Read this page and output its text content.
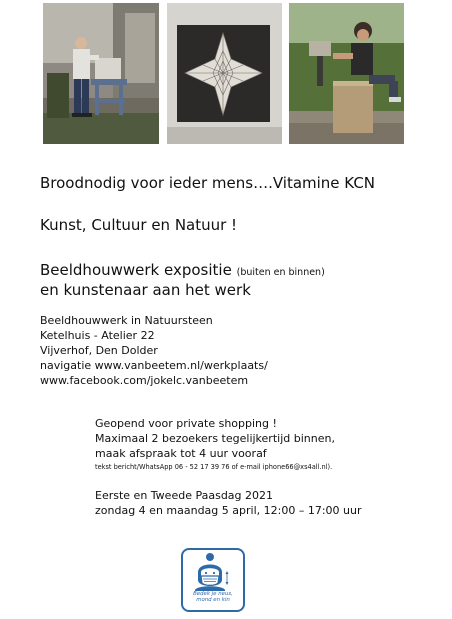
Broodnodig voor ieder mens….Vitamine KCN
Kunst, Cultuur en Natuur !
Beeldhouwwerk expositie (buiten en binnen)
en kunstenaar aan het werk
Beeldhouwwerk in Natuursteen
Ketelhuis - Atelier 22
Vijverhof, Den Dolder
navigatie www.vanbeetem.nl/werkplaats/
www.facebook.com/jokelc.vanbeetem
Geopend voor private shopping !
Maximaal 2 bezoekers tegelijkertijd binnen,
maak afspraak tot 4 uur vooraf
tekst bericht/WhatsApp 06 - 52 17 39 76 of e-mail iphone66@xs4all.nl).
Eerste en Tweede Paasdag 2021
zondag 4 en maandag 5 april, 12:00 – 17:00 uur
Bedek je neus,
mond en kin
